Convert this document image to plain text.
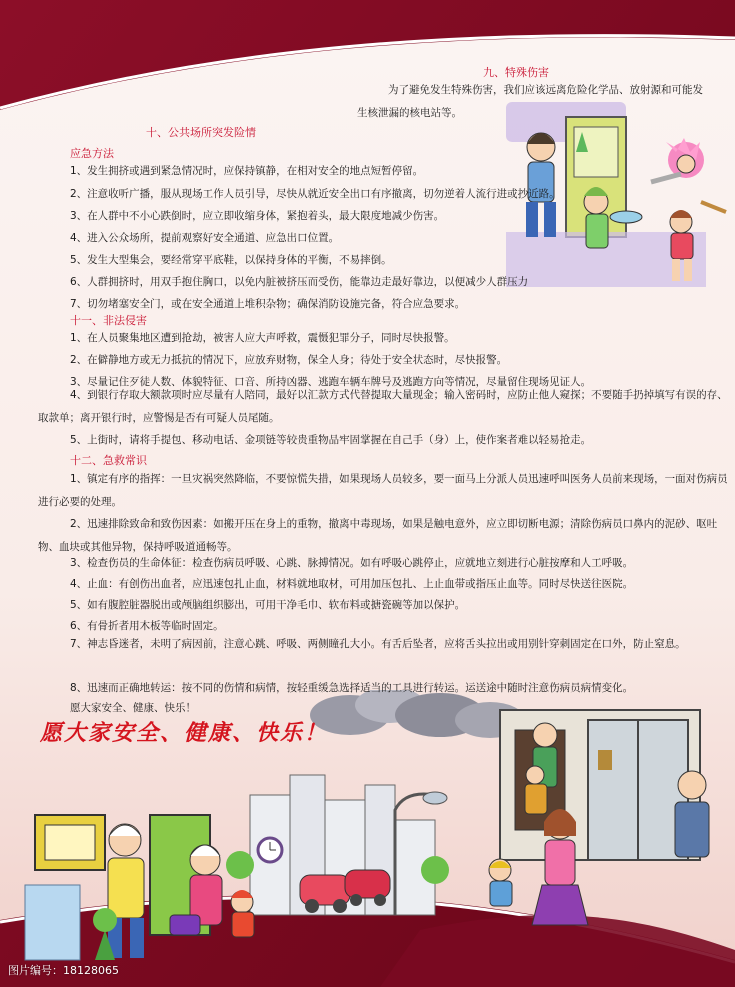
九、特殊伤害
为了避免发生特殊伤害，我们应该远离危险化学品、放射源和可能发
生核泄漏的核电站等。
十、公共场所突发险情
应急方法
1、发生拥挤或遇到紧急情况时，应保持镇静，在相对安全的地点短暂停留。
2、注意收听广播，服从现场工作人员引导，尽快从就近安全出口有序撤离，切勿逆着人流行进或抄近路。
3、在人群中不小心跌倒时，应立即收缩身体，紧抱着头，最大限度地减少伤害。
4、进入公众场所，提前观察好安全通道、应急出口位置。
5、发生大型集会，要经常穿平底鞋，以保持身体的平衡，不易摔倒。
6、人群拥挤时，用双手抱住胸口，以免内脏被挤压而受伤，能靠边走最好靠边，以便减少人群压力
7、切勿堵塞安全门，或在安全通道上堆积杂物；确保消防设施完备，符合应急要求。
十一、非法侵害
1、在人员聚集地区遭到抢劫，被害人应大声呼救，震慑犯罪分子，同时尽快报警。
2、在僻静地方或无力抵抗的情况下，应放弃财物，保全人身；待处于安全状态时，尽快报警。
3、尽量记住歹徒人数、体貌特征、口音、所持凶器、逃跑车辆车牌号及逃跑方向等情况，尽量留住现场见证人。
4、到银行存取大额款项时应尽量有人陪同，最好以汇款方式代替提取大量现金；输入密码时，应防止他人窥探；不要随手扔掉填写有误的存、取款单；离开银行时，应警惕是否有可疑人员尾随。
5、上街时，请将手提包、移动电话、金项链等较贵重物品牢固掌握在自己手（身）上，使作案者难以轻易抢走。
十二、急救常识
1、镇定有序的指挥：一旦灾祸突然降临，不要惊慌失措，如果现场人员较多，要一面马上分派人员迅速呼叫医务人员前来现场，一面对伤病员进行必要的处理。
2、迅速排除致命和致伤因素：如搬开压在身上的重物，撤离中毒现场，如果是触电意外，应立即切断电源；清除伤病员口鼻内的泥砂、呕吐物、血块或其他异物，保持呼吸道通畅等。
3、检查伤员的生命体征：检查伤病员呼吸、心跳、脉搏情况。如有呼吸心跳停止，应就地立刻进行心脏按摩和人工呼吸。
4、止血：有创伤出血者，应迅速包扎止血，材料就地取材，可用加压包扎、上止血带或指压止血等。同时尽快送往医院。
5、如有腹腔脏器脱出或颅脑组织膨出，可用干净毛巾、软布料或搪瓷碗等加以保护。
6、有骨折者用木板等临时固定。
7、神志昏迷者，未明了病因前，注意心跳、呼吸、两侧瞳孔大小。有舌后坠者，应将舌头拉出或用别针穿刺固定在口外，防止窒息。
8、迅速而正确地转运：按不同的伤情和病情，按轻重缓急选择适当的工具进行转运。运送途中随时注意伤病员病情变化。
愿大家安全、健康、快乐！
愿大家安全、健康、快乐！
图片编号：18128065
